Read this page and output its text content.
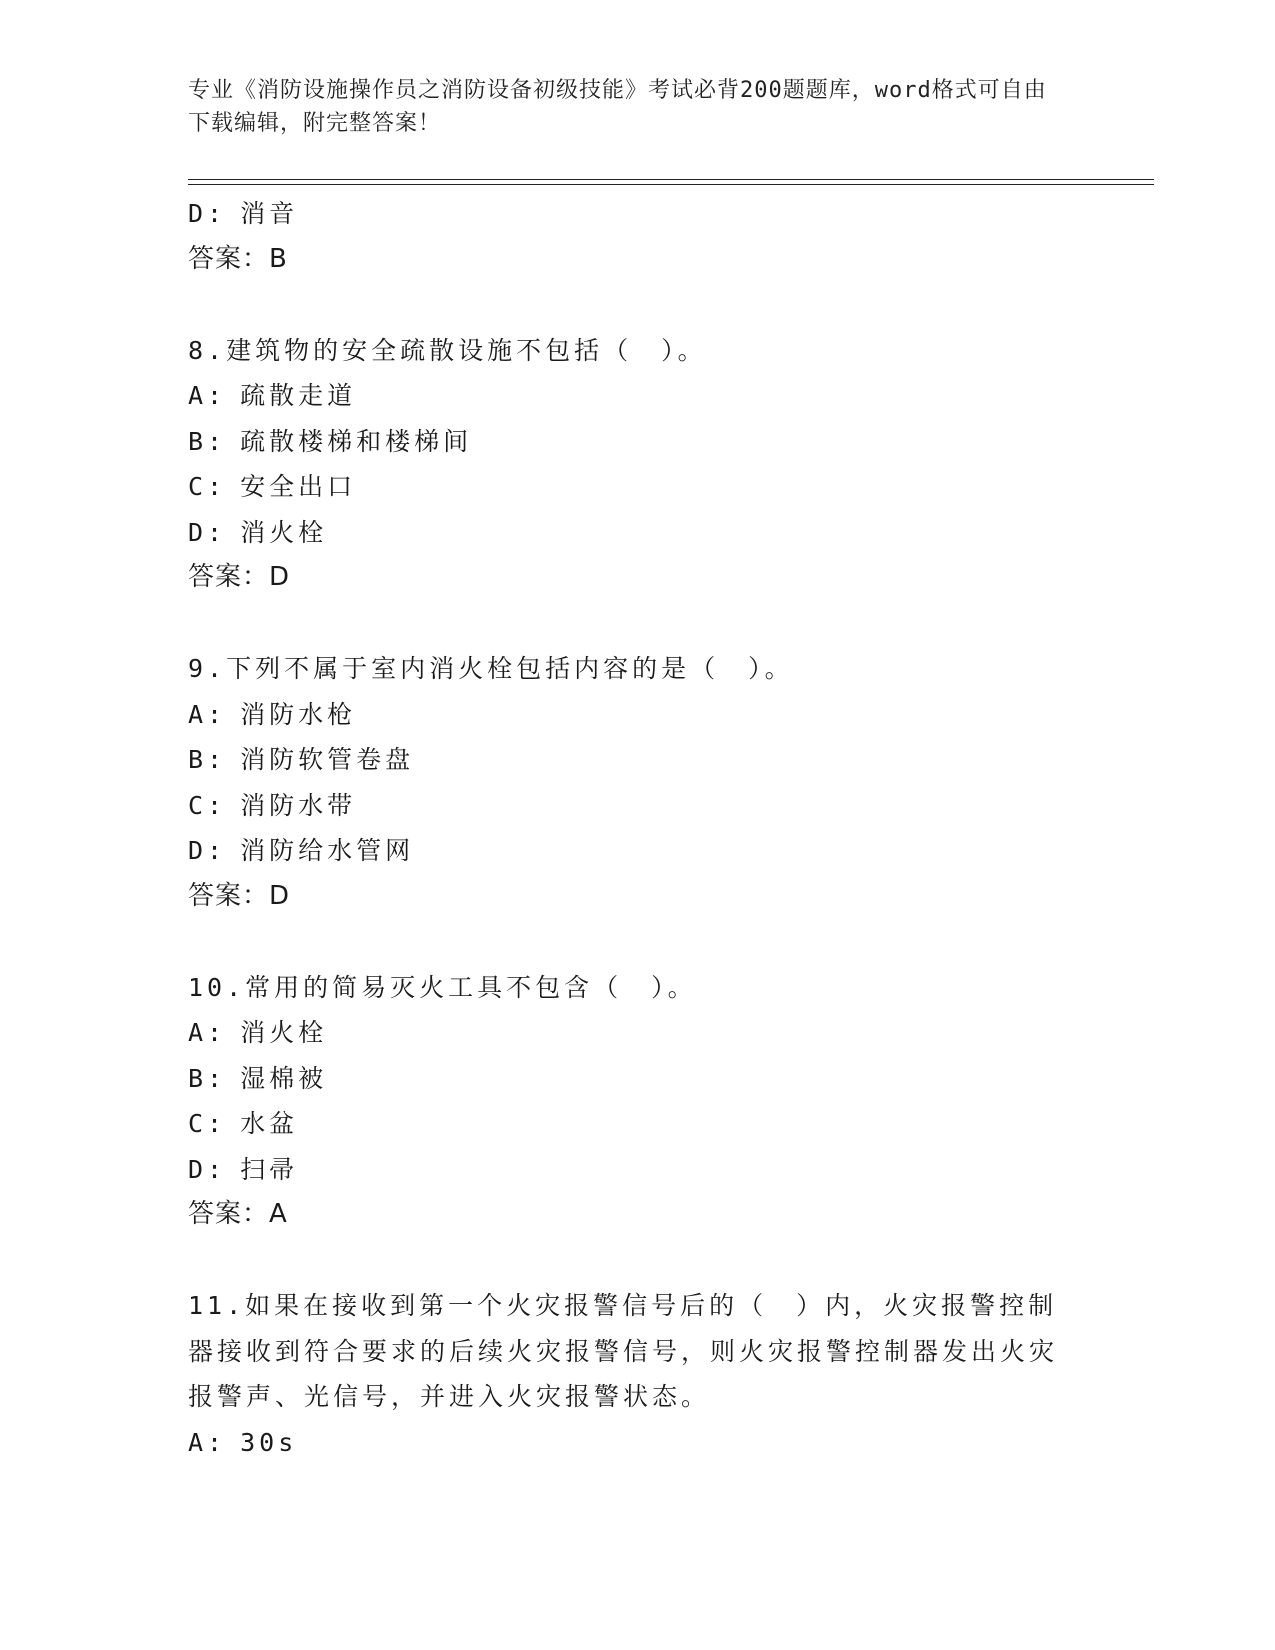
专业《消防设施操作员之消防设备初级技能》考试必背200题题库，word格式可自由下载编辑，附完整答案！
D: 消音
答案：B
8.建筑物的安全疏散设施不包括（　）。
A: 疏散走道
B: 疏散楼梯和楼梯间
C: 安全出口
D: 消火栓
答案：D
9.下列不属于室内消火栓包括内容的是（　）。
A: 消防水枪
B: 消防软管卷盘
C: 消防水带
D: 消防给水管网
答案：D
10.常用的简易灭火工具不包含（　）。
A: 消火栓
B: 湿棉被
C: 水盆
D: 扫帚
答案：A
11.如果在接收到第一个火灾报警信号后的（　）内，火灾报警控制器接收到符合要求的后续火灾报警信号，则火灾报警控制器发出火灾报警声、光信号，并进入火灾报警状态。
A: 30s
